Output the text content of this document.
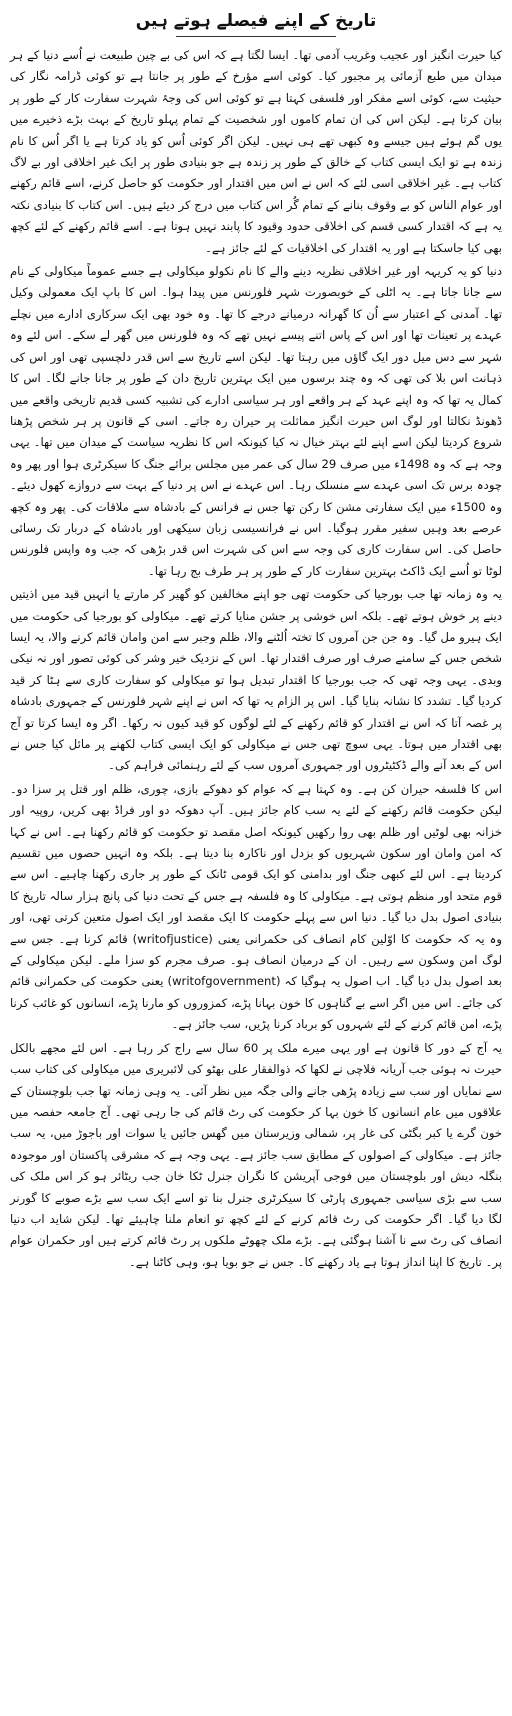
تاریخ کے اپنے فیصلے ہوتے ہیں

کیا حیرت انگیز اور عجیب وغریب آدمی تھا۔ ایسا لگتا ہے کہ اس کی بے چین طبیعت نے اُسے دنیا کے ہر میدان میں طبع آزمائی پر مجبور کیا۔ کوئی اسے مؤرخ کے طور پر جانتا ہے تو کوئی ڈرامہ نگار کی حیثیت سے، کوئی اسے مفکر اور فلسفی کہتا ہے تو کوئی اس کی وجۂ شہرت سفارت کار کے طور پر بیان کرتا ہے۔ لیکن اس کی ان تمام کاموں اور شخصیت کے تمام پہلو تاریخ کے بہت بڑے ذخیرے میں یوں گم ہوئے ہیں جیسے وہ کبھی تھے ہی نہیں۔ لیکن اگر کوئی اُس کو یاد کرتا ہے یا اگر اُس کا نام زندہ ہے تو ایک ایسی کتاب کے خالق کے طور پر زندہ ہے جو بنیادی طور پر ایک غیر اخلاقی اور بے لاگ کتاب ہے۔ غیر اخلاقی اسی لئے کہ اس نے اس میں اقتدار اور حکومت کو حاصل کرنے، اسے قائم رکھنے اور عوام الناس کو بے وقوف بنانے کے تمام گُر اس کتاب میں درج کر دیئے ہیں۔ اس کتاب کا بنیادی نکتہ یہ ہے کہ اقتدار کسی قسم کی اخلاقی حدود وقیود کا پابند نہیں ہوتا ہے۔ اسے قائم رکھنے کے لئے کچھ بھی کیا جاسکتا ہے اور یہ اقتدار کی اخلاقیات کے لئے جائز ہے۔

دنیا کو یہ کریہہ اور غیر اخلاقی نظریہ دینے والے کا نام نکولو میکاولی ہے جسے عموماً میکاولی کے نام سے جانا جاتا ہے۔ یہ اٹلی کے خوبصورت شہر فلورنس میں پیدا ہوا۔ اس کا باپ ایک معمولی وکیل تھا۔ آمدنی کے اعتبار سے اُن کا گھرانہ درمیانے درجے کا تھا۔ وہ خود بھی ایک سرکاری ادارے میں نچلے عہدے پر تعینات تھا اور اس کے پاس اتنے پیسے نہیں تھے کہ وہ فلورنس میں گھر لے سکے۔ اس لئے وہ شہر سے دس میل دور ایک گاؤں میں رہتا تھا۔ لیکن اسے تاریخ سے اس قدر دلچسپی تھی اور اس کی ذہانت اس بلا کی تھی کہ وہ چند برسوں میں ایک بہترین تاریخ دان کے طور پر جانا جانے لگا۔ اس کا کمال یہ تھا کہ وہ اپنے عہد کے ہر واقعے اور ہر سیاسی ادارے کی تشبیہ کسی قدیم تاریخی واقعے میں ڈھونڈ نکالتا اور لوگ اس حیرت انگیز مماثلت پر حیران رہ جاتے۔ اسی کے قانون پر ہر شخص پڑھنا شروع کردیتا لیکن اسے اپنے لئے بہتر خیال نہ کیا کیونکہ اس کا نظریہ سیاست کے میدان میں تھا۔ یہی وجہ ہے کہ وہ 1498ء میں صرف 29 سال کی عمر میں مجلس برائے جنگ کا سیکرٹری ہوا اور پھر وہ چودہ برس تک اسی عہدے سے منسلک رہا۔ اس عہدے نے اس پر دنیا کے بہت سے دروازے کھول دیئے۔ وہ 1500ء میں ایک سفارتی مشن کا رکن تھا جس نے فرانس کے بادشاہ سے ملاقات کی۔ پھر وہ کچھ عرصے بعد وہیں سفیر مقرر ہوگیا۔ اس نے فرانسیسی زبان سیکھی اور بادشاہ کے دربار تک رسائی حاصل کی۔ اس سفارت کاری کی وجہ سے اس کی شہرت اس قدر بڑھی کہ جب وہ واپس فلورنس لوٹا تو اُسے ایک ڈاکٹ بہترین سفارت کار کے طور پر ہر طرف بج رہا تھا۔

یہ وہ زمانہ تھا جب بورجیا کی حکومت تھی جو اپنے مخالفین کو گھیر کر مارتے یا انہیں قید میں اذیتیں دینے پر خوش ہوتے تھے۔ بلکہ اس خوشی پر جشن منایا کرتے تھے۔ میکاولی کو بورجیا کی حکومت میں ایک ہیرو مل گیا۔ وہ جن جن آمروں کا تختہ اُلٹنے والا، ظلم وجبر سے امن وامان قائم کرنے والا، یہ ایسا شخص جس کے سامنے صرف اور صرف اقتدار تھا۔ اس کے نزدیک خیر وشر کی کوئی تصور اور نہ نیکی وبدی۔ یہی وجہ تھی کہ جب بورجیا کا اقتدار تبدیل ہوا تو میکاولی کو سفارت کاری سے ہٹا کر قید کردیا گیا۔ تشدد کا نشانہ بنایا گیا۔ اس پر الزام یہ تھا کہ اس نے اپنے شہر فلورنس کے جمہوری بادشاہ پر غصہ آتا کہ اس نے اقتدار کو قائم رکھنے کے لئے لوگوں کو قید کیوں نہ رکھا۔ اگر وہ ایسا کرتا تو آج بھی اقتدار میں ہوتا۔ یہی سوچ تھی جس نے میکاولی کو ایک ایسی کتاب لکھنے پر مائل کیا جس نے اس کے بعد آنے والے ڈکٹیٹروں اور جمہوری آمروں سب کے لئے رہنمائی فراہم کی۔

اس کا فلسفہ حیران کن ہے۔ وہ کہتا ہے کہ عوام کو دھوکے بازی، چوری، ظلم اور قتل پر سزا دو۔ لیکن حکومت قائم رکھنے کے لئے یہ سب کام جائز ہیں۔ آپ دھوکہ دو اور فراڈ بھی کریں، روپیہ اور خزانہ بھی لوٹیں اور ظلم بھی روا رکھیں کیونکہ اصل مقصد تو حکومت کو قائم رکھنا ہے۔ اس نے کہا کہ امن وامان اور سکون شہریوں کو بزدل اور ناکارہ بنا دیتا ہے۔ بلکہ وہ انہیں حصوں میں تقسیم کردیتا ہے۔ اس لئے کبھی جنگ اور بدامنی کو ایک قومی ٹانک کے طور پر جاری رکھنا چاہیے۔ اس سے قوم متحد اور منظم ہوتی ہے۔ میکاولی کا وہ فلسفہ ہے جس کے تحت دنیا کی پانچ ہزار سالہ تاریخ کا بنیادی اصول بدل دیا گیا۔ دنیا اس سے پہلے حکومت کا ایک مقصد اور ایک اصول متعین کرتی تھی، اور وہ یہ کہ حکومت کا اوّلین کام انصاف کی حکمرانی یعنی (writofjustice) قائم کرنا ہے۔ جس سے لوگ امن وسکون سے رہیں۔ ان کے درمیان انصاف ہو۔ صرف مجرم کو سزا ملے۔ لیکن میکاولی کے بعد اصول بدل دیا گیا۔ اب اصول یہ ہوگیا کہ (writofgovernment) یعنی حکومت کی حکمرانی قائم کی جائے۔ اس میں اگر اسے بے گناہوں کا خون بہانا پڑے، کمزوروں کو مارنا پڑے، انسانوں کو غائب کرنا پڑے، امن قائم کرنے کے لئے شہروں کو برباد کرنا پڑیں، سب جائز ہے۔

یہ آج کے دور کا قانون ہے اور یہی میرے ملک پر 60 سال سے راج کر رہا ہے۔ اس لئے مجھے بالکل حیرت نہ ہوئی جب آریانہ فلاچی نے لکھا کہ ذوالفقار علی بھٹو کی لائبریری میں میکاولی کی کتاب سب سے نمایاں اور سب سے زیادہ پڑھی جانے والی جگہ میں نظر آئی۔ یہ وہی زمانہ تھا جب بلوچستان کے علاقوں میں عام انسانوں کا خون بہا کر حکومت کی رٹ قائم کی جا رہی تھی۔ آج جامعہ حفصہ میں خون گرے یا کبر بگٹی کی غار پر، شمالی وزیرستان میں گھس جائیں یا سوات اور باجوڑ میں، یہ سب جائز ہے۔ میکاولی کے اصولوں کے مطابق سب جائز ہے۔ یہی وجہ ہے کہ مشرقی پاکستان اور موجودہ بنگلہ دیش اور بلوچستان میں فوجی آپریشن کا نگران جنرل ٹکا خان جب ریٹائر ہو کر اس ملک کی سب سے بڑی سیاسی جمہوری پارٹی کا سیکرٹری جنرل بنا تو اسے ایک سب سے بڑے صوبے کا گورنر لگا دیا گیا۔ اگر حکومت کی رٹ قائم کرنے کے لئے کچھ تو انعام ملنا چاہیئے تھا۔ لیکن شاید اب دنیا انصاف کی رٹ سے نا آشنا ہوگئی ہے۔ بڑے ملک چھوٹے ملکوں پر رٹ قائم کرتے ہیں اور حکمران عوام پر۔ تاریخ کا اپنا انداز ہوتا ہے یاد رکھنے کا۔ جس نے جو بویا ہو، وہی کاٹنا ہے۔
